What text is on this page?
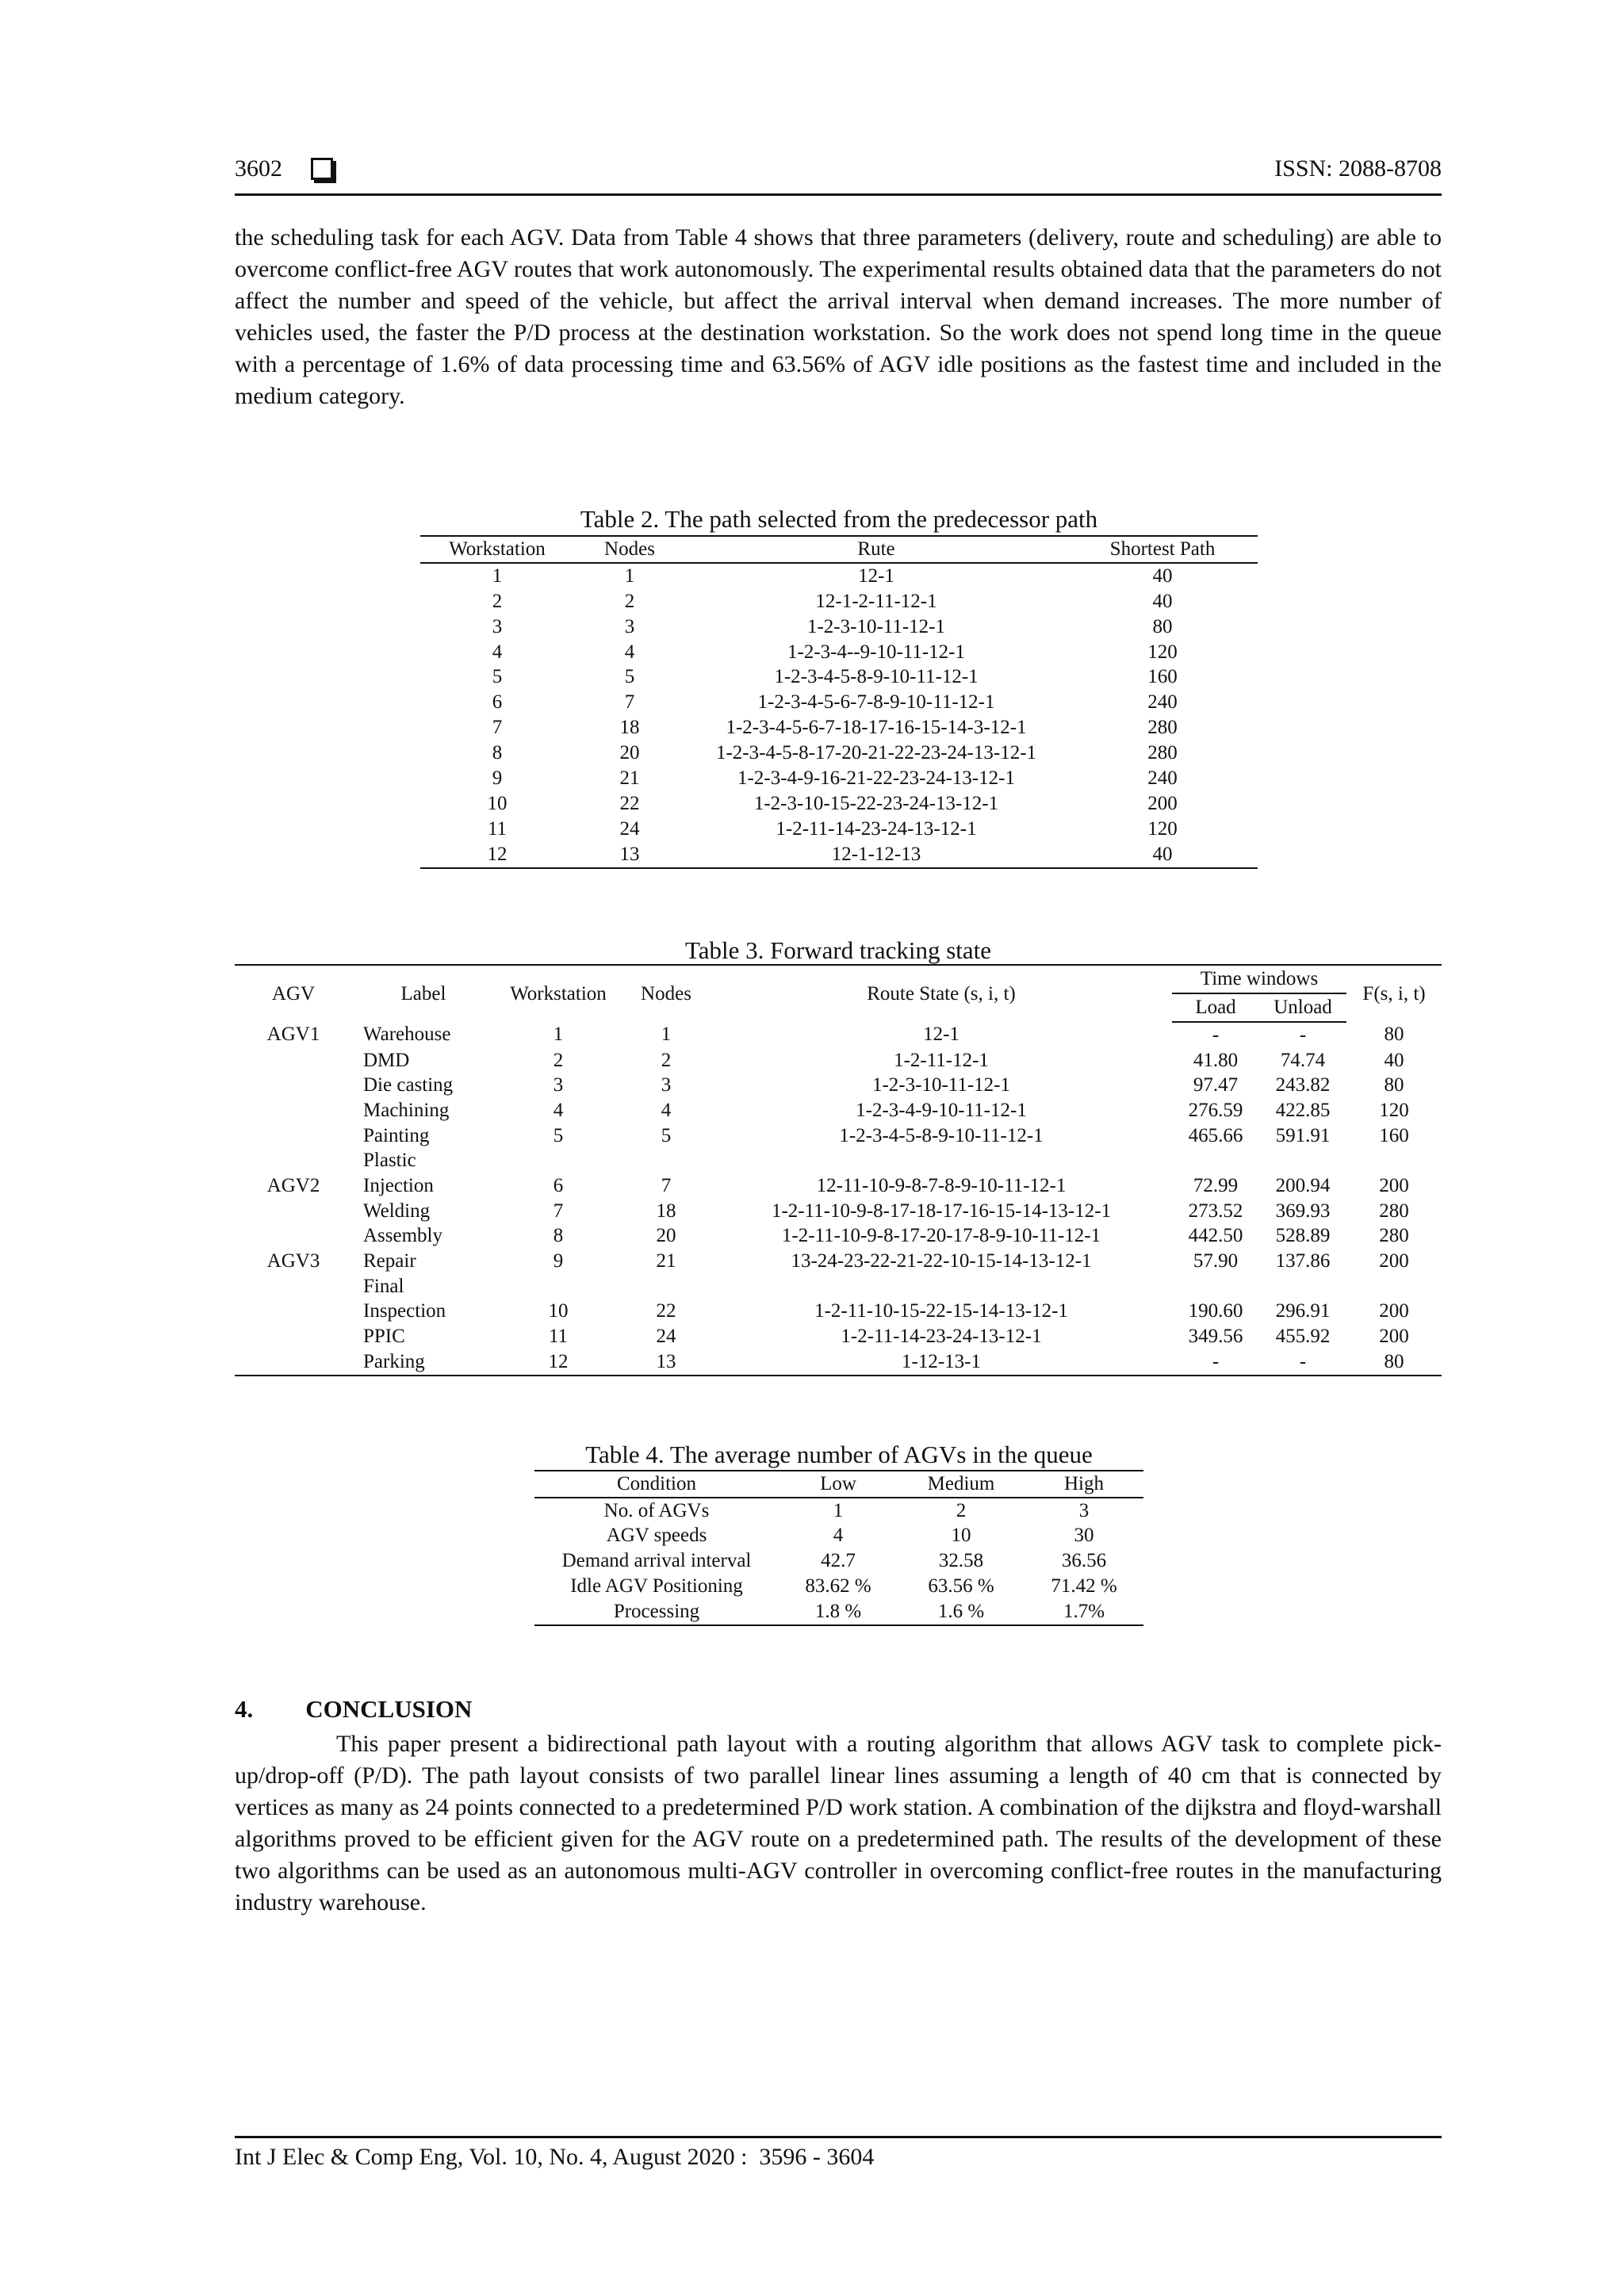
3602	ISSN: 2088-8708
the scheduling task for each AGV. Data from Table 4 shows that three parameters (delivery, route and scheduling) are able to overcome conflict-free AGV routes that work autonomously. The experimental results obtained data that the parameters do not affect the number and speed of the vehicle, but affect the arrival interval when demand increases. The more number of vehicles used, the faster the P/D process at the destination workstation. So the work does not spend long time in the queue with a percentage of 1.6% of data processing time and 63.56% of AGV idle positions as the fastest time and included in the medium category.
Table 2. The path selected from the predecessor path
Workstation	Nodes	Rute	Shortest Path
1	1	12-1	40
2	2	12-1-2-11-12-1	40
3	3	1-2-3-10-11-12-1	80
4	4	1-2-3-4--9-10-11-12-1	120
5	5	1-2-3-4-5-8-9-10-11-12-1	160
6	7	1-2-3-4-5-6-7-8-9-10-11-12-1	240
7	18	1-2-3-4-5-6-7-18-17-16-15-14-3-12-1	280
8	20	1-2-3-4-5-8-17-20-21-22-23-24-13-12-1	280
9	21	1-2-3-4-9-16-21-22-23-24-13-12-1	240
10	22	1-2-3-10-15-22-23-24-13-12-1	200
11	24	1-2-11-14-23-24-13-12-1	120
12	13	12-1-12-13	40
Table 3. Forward tracking state
AGV	Label	Workstation	Nodes	Route State (s, i, t)	Time windows		F(s, i, t)
					Load	Unload	
AGV1	Warehouse	1	1	12-1	-	-	80
	DMD	2	2	1-2-11-12-1	41.80	74.74	40
	Die casting	3	3	1-2-3-10-11-12-1	97.47	243.82	80
	Machining	4	4	1-2-3-4-9-10-11-12-1	276.59	422.85	120
	Painting	5	5	1-2-3-4-5-8-9-10-11-12-1	465.66	591.91	160
	Plastic						
AGV2	Injection	6	7	12-11-10-9-8-7-8-9-10-11-12-1	72.99	200.94	200
	Welding	7	18	1-2-11-10-9-8-17-18-17-16-15-14-13-12-1	273.52	369.93	280
	Assembly	8	20	1-2-11-10-9-8-17-20-17-8-9-10-11-12-1	442.50	528.89	280
AGV3	Repair	9	21	13-24-23-22-21-22-10-15-14-13-12-1	57.90	137.86	200
	Final						
	Inspection	10	22	1-2-11-10-15-22-15-14-13-12-1	190.60	296.91	200
	PPIC	11	24	1-2-11-14-23-24-13-12-1	349.56	455.92	200
	Parking	12	13	1-12-13-1	-	-	80
Table 4. The average number of AGVs in the queue
Condition	Low	Medium	High
No. of AGVs	1	2	3
AGV speeds	4	10	30
Demand arrival interval	42.7	32.58	36.56
Idle AGV Positioning	83.62 %	63.56 %	71.42 %
Processing	1.8 %	1.6 %	1.7%
4. CONCLUSION
This paper present a bidirectional path layout with a routing algorithm that allows AGV task to complete pick-up/drop-off (P/D). The path layout consists of two parallel linear lines assuming a length of 40 cm that is connected by vertices as many as 24 points connected to a predetermined P/D work station. A combination of the dijkstra and floyd-warshall algorithms proved to be efficient given for the AGV route on a predetermined path. The results of the development of these two algorithms can be used as an autonomous multi-AGV controller in overcoming conflict-free routes in the manufacturing industry warehouse.
Int J Elec & Comp Eng, Vol. 10, No. 4, August 2020 :  3596 - 3604
